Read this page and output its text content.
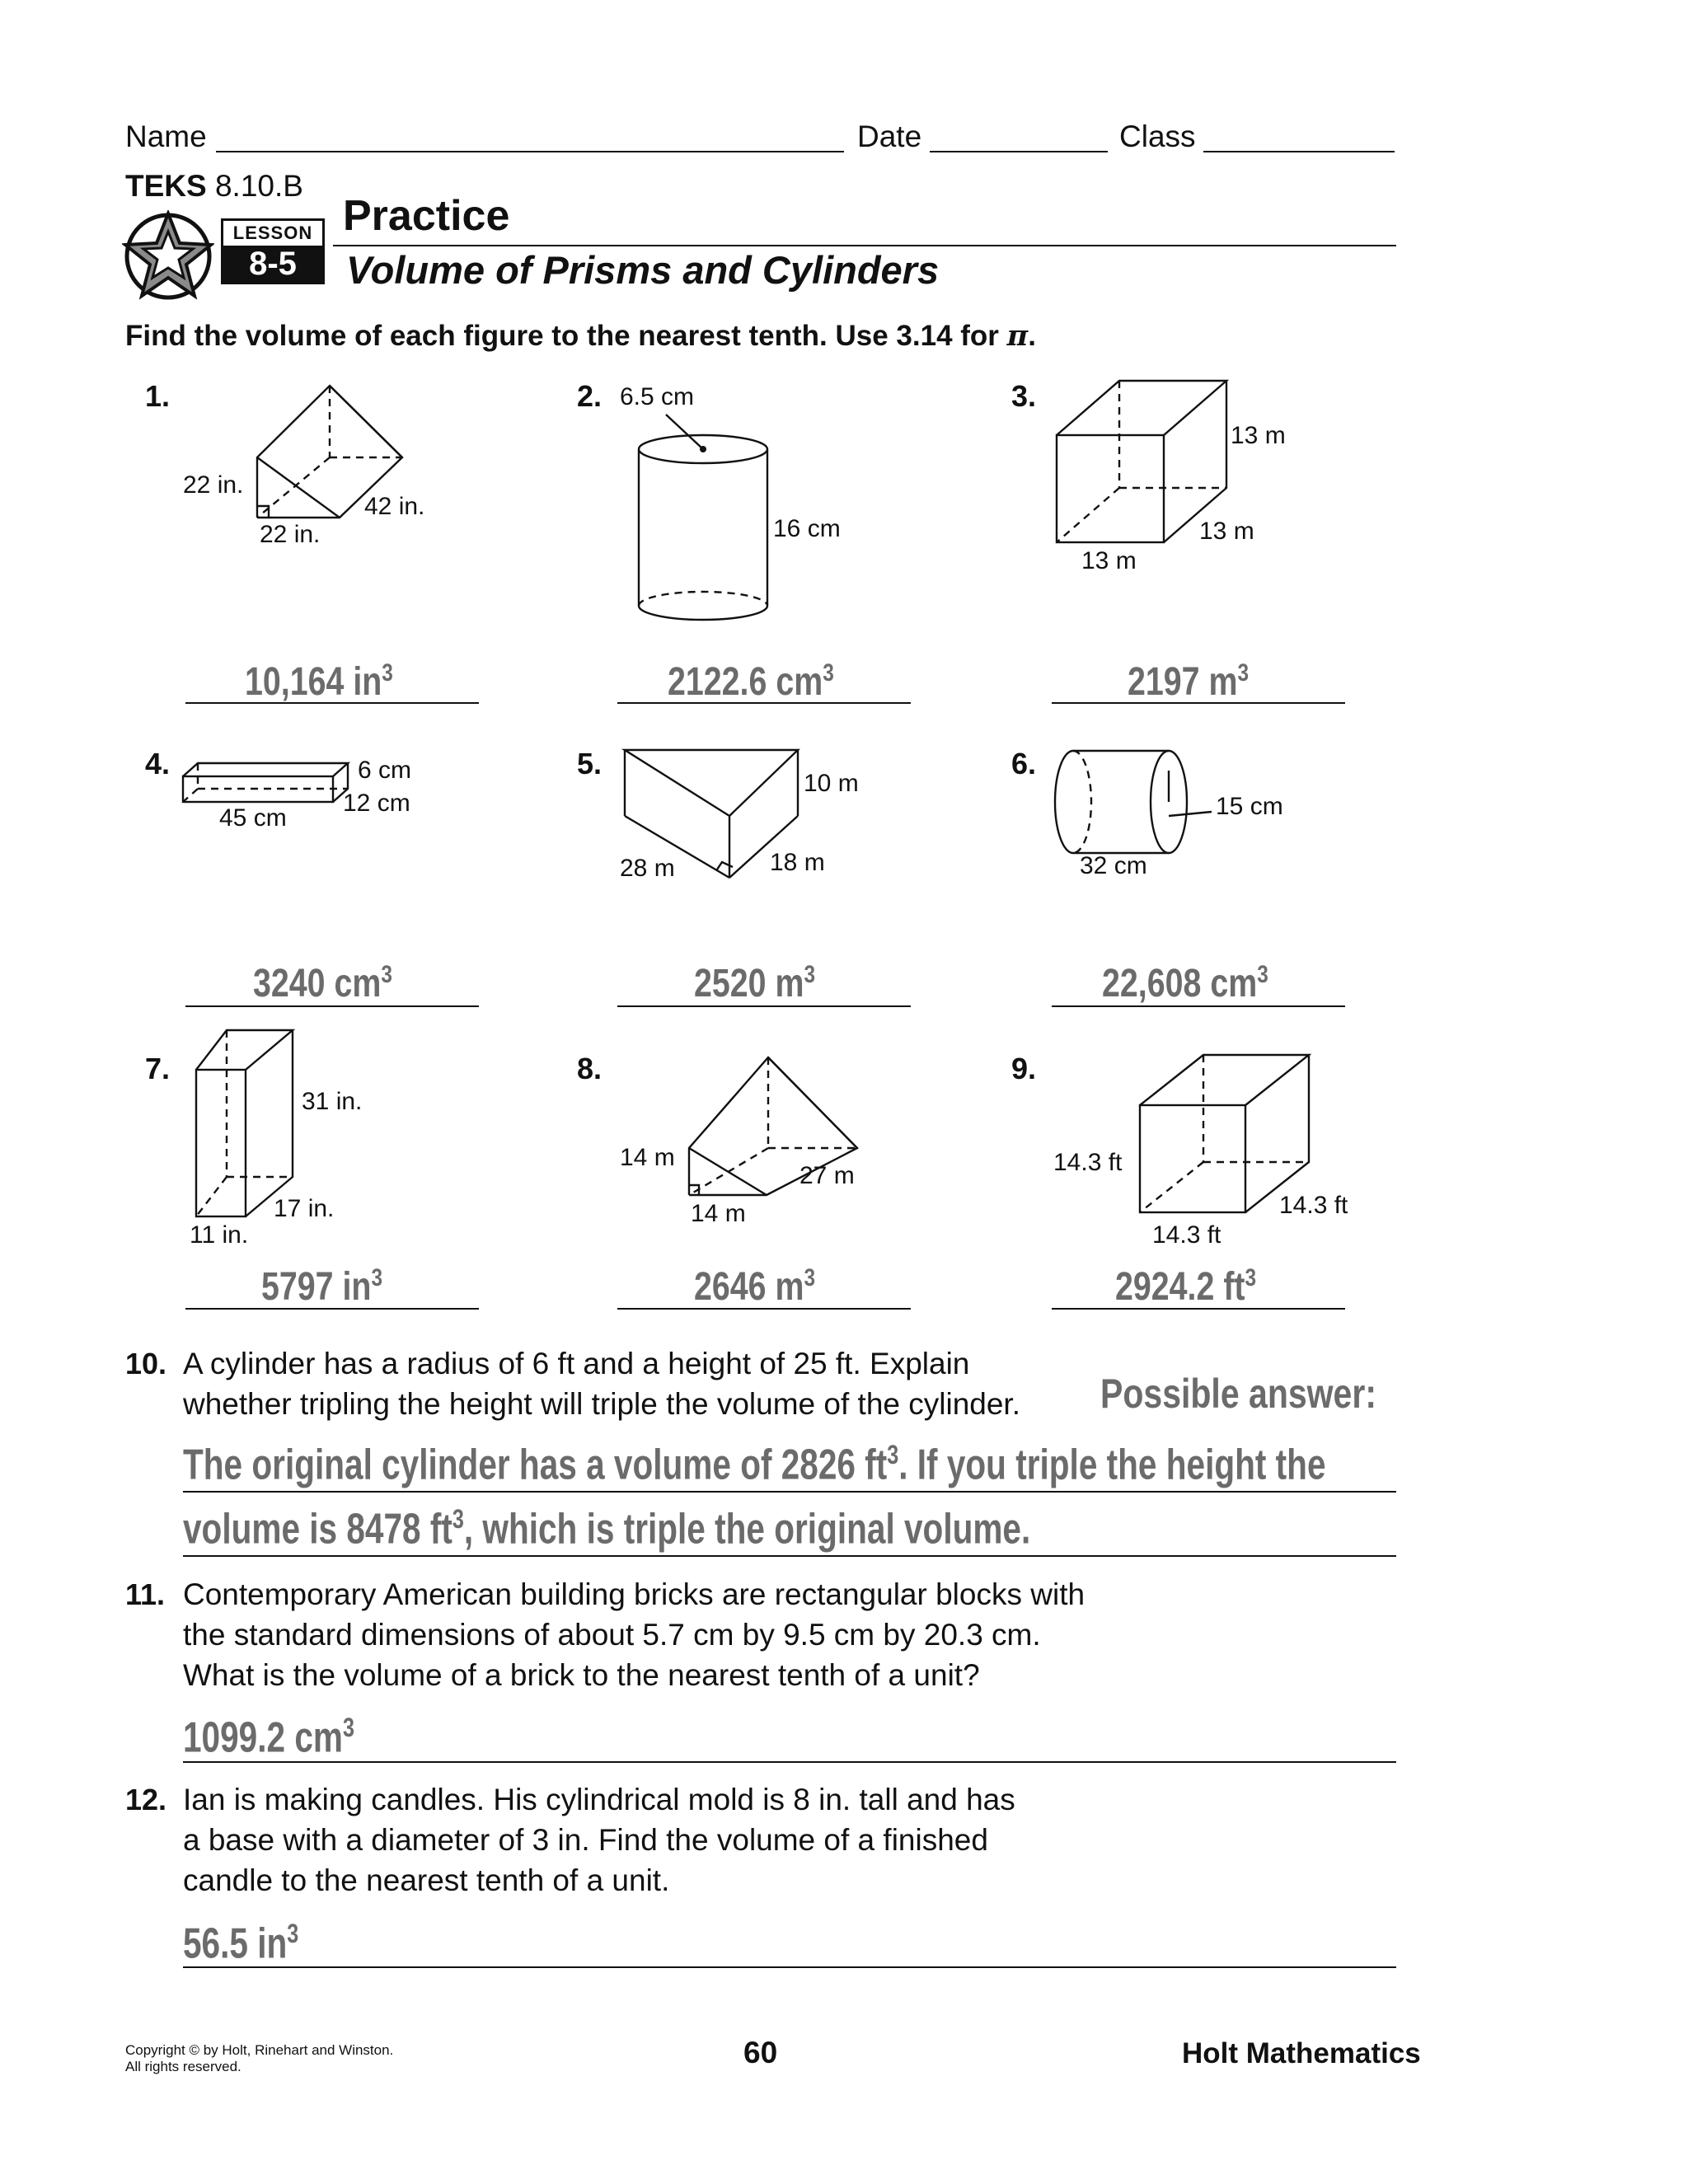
Name	Date	Class
TEKS 8.10.B
LESSON
8-5
Practice
Volume of Prisms and Cylinders
Find the volume of each figure to the nearest tenth. Use 3.14 for π.
1.	2.	3.
4.	5.	6.
7.	8.	9.
22 in.
42 in.
22 in.
6.5 cm
16 cm
13 m
13 m
13 m
6 cm
12 cm
45 cm
10 m
28 m	18 m
15 cm
32 cm
31 in.
17 in.
11 in.
14 m
27 m
14 m
14.3 ft
14.3 ft
14.3 ft
10,164 $in^3$	2122.6 $cm^3$	2197 $m^3$
3240 $cm^3$	2520 $m^3$	22,608 $cm^3$
5797 $in^3$	2646 $m^3$	2924.2 $ft^3$
10. A cylinder has a radius of 6 ft and a height of 25 ft. Explain
whether tripling the height will triple the volume of the cylinder. Possible answer:
The original cylinder has a volume of 2826 $ft^3$. If you triple the height the
volume is 8478 $ft^3$, which is triple the original volume.
11. Contemporary American building bricks are rectangular blocks with
the standard dimensions of about 5.7 cm by 9.5 cm by 20.3 cm.
What is the volume of a brick to the nearest tenth of a unit?
1099.2 $cm^3$
12. Ian is making candles. His cylindrical mold is 8 in. tall and has
a base with a diameter of 3 in. Find the volume of a finished
candle to the nearest tenth of a unit.
56.5 $in^3$
Copyright © by Holt, Rinehart and Winston.
All rights reserved.	60	Holt Mathematics
